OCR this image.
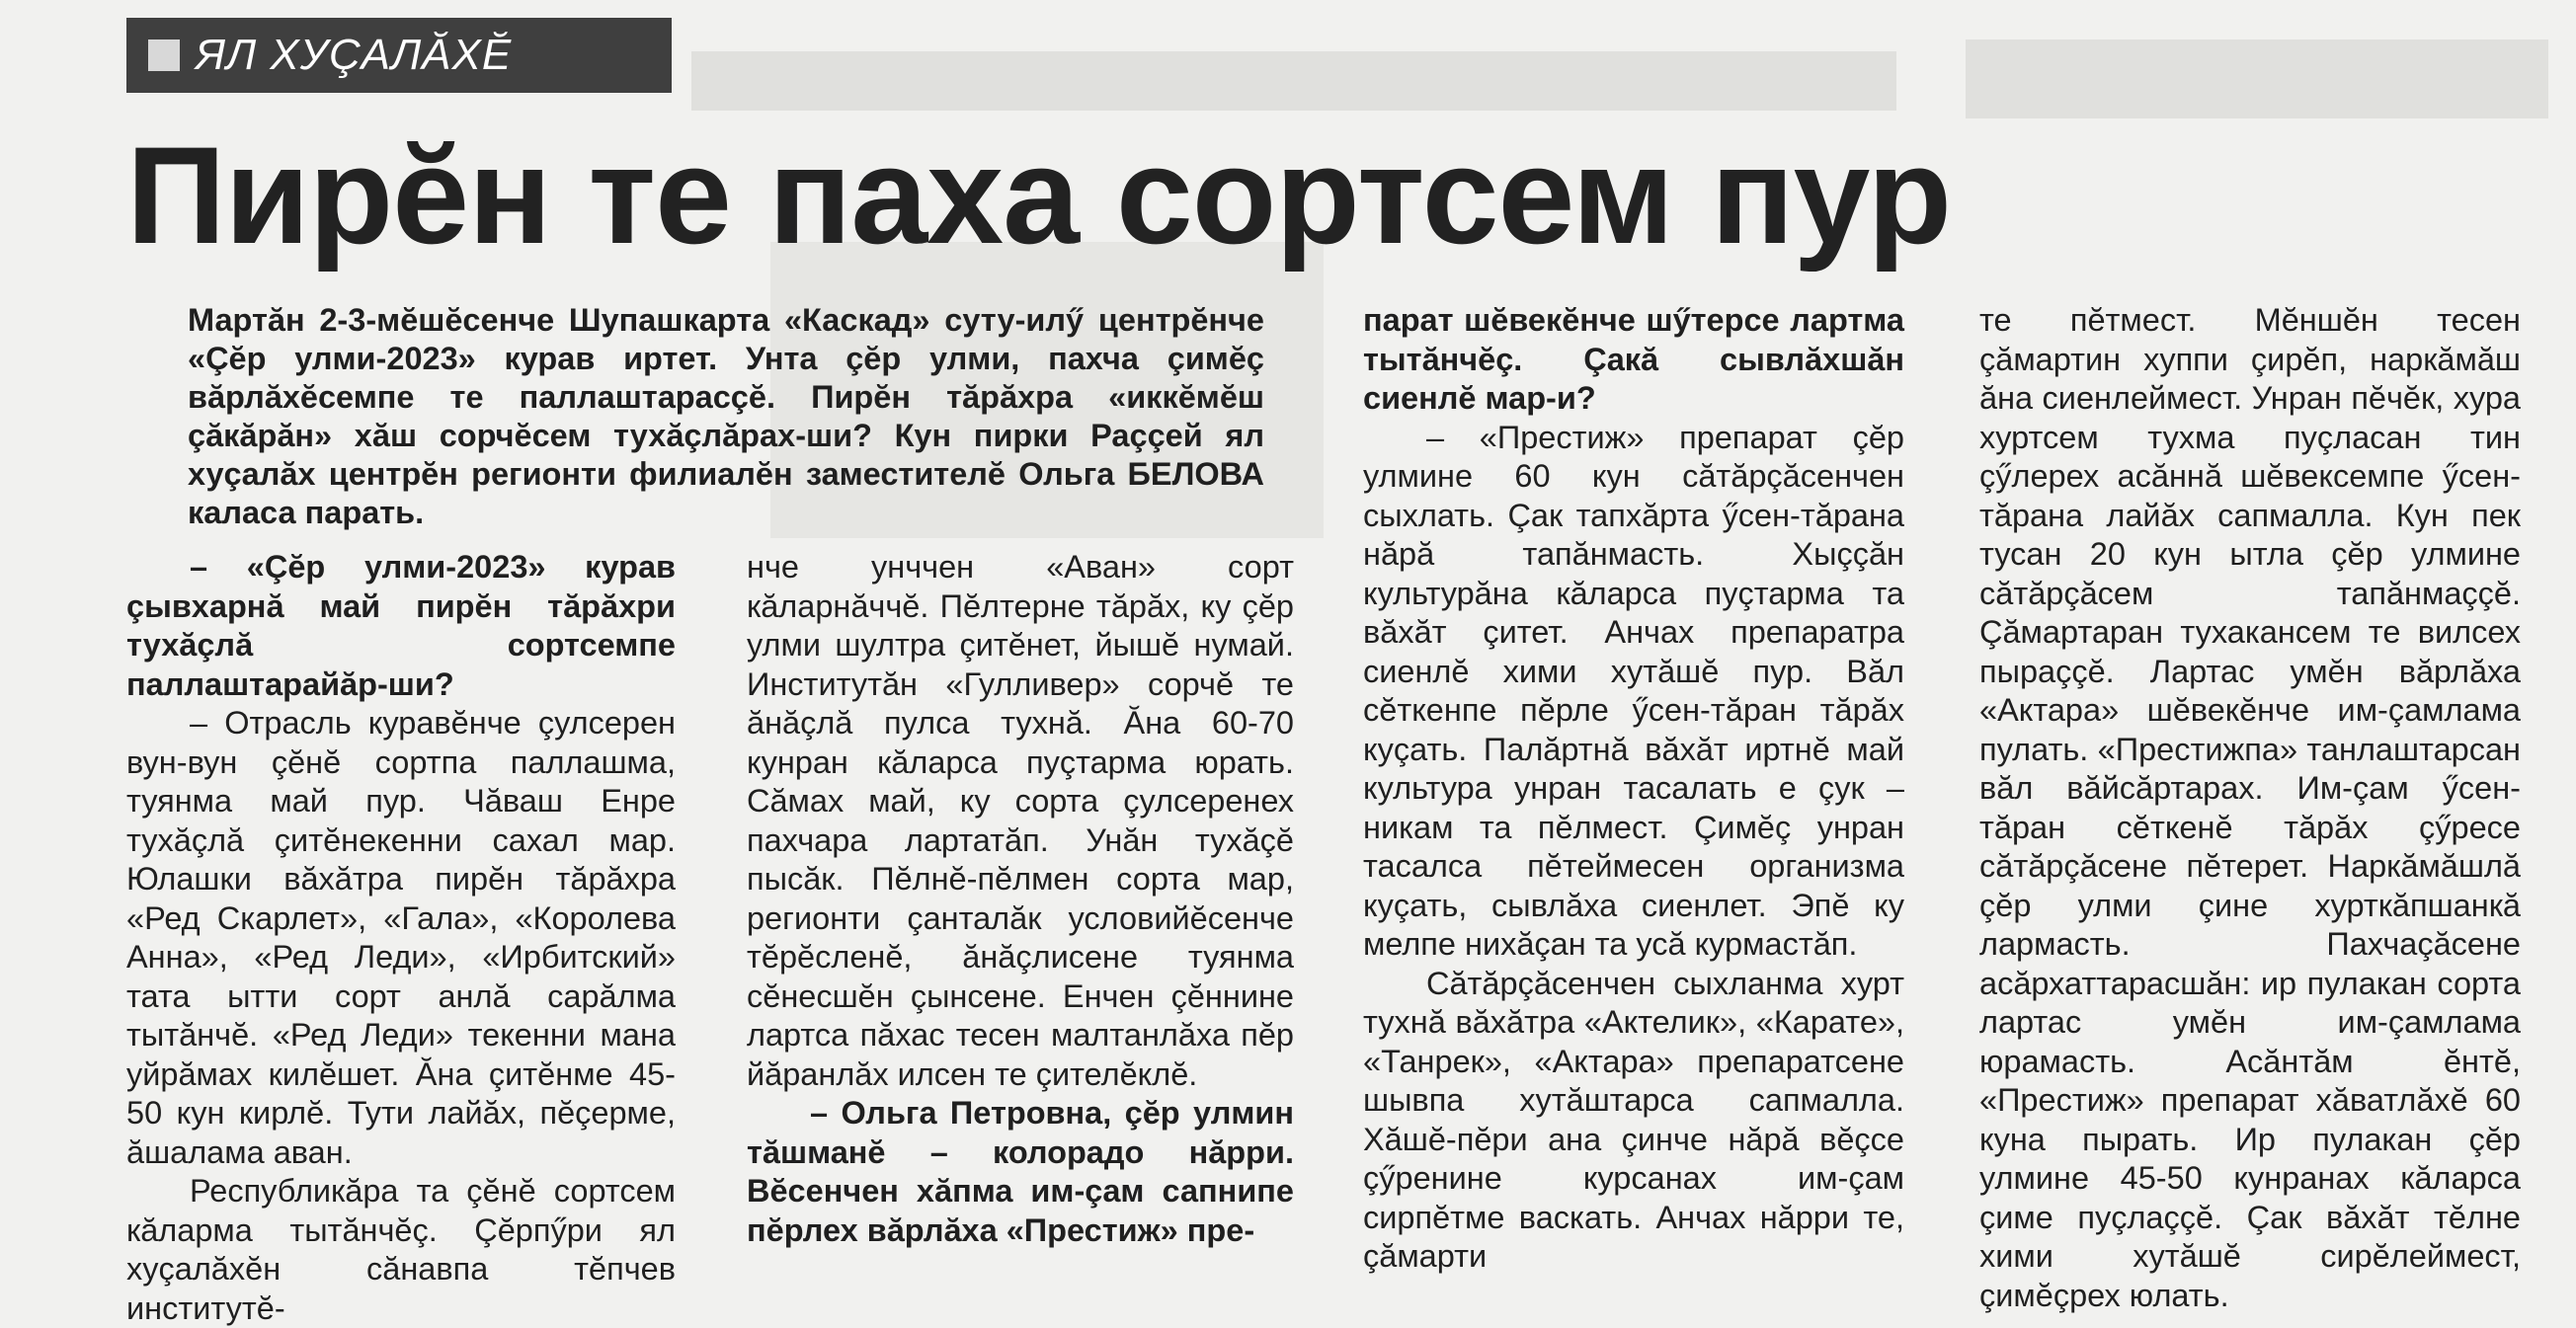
ЯЛ ХУÇАЛĂХĔ
Пирĕн те паха сортсем пур
Мартăн 2-3-мĕшĕсенче Шупашкарта «Каскад» суту-илӳ центрĕнче «Çĕр улми-2023» курав иртет. Унта çĕр улми, пахча çимĕç вăрлăхĕсемпе те паллаштарасçĕ. Пирĕн тăрăхра «иккĕмĕш çăкăрăн» хăш сорчĕсем тухăçлăрах-ши? Кун пирки Раççей ял хуçалăх центрĕн регионти филиалĕн заместителĕ Ольга БЕЛОВА каласа парать.

– «Çĕр улми-2023» курав çывхарнă май пирĕн тăрăхри тухăçлă сортсемпе паллаштарайăр-ши?

– Отрасль куравĕнче çулсерен вун-вун çĕнĕ сортпа паллашма, туянма май пур. Чăваш Енре тухăçлă çитĕнекенни сахал мар. Юлашки вăхăтра пирĕн тăрăхра «Ред Скарлет», «Гала», «Королева Анна», «Ред Леди», «Ирбитский» тата ытти сорт анлă сарăлма тытăнчĕ. «Ред Леди» текенни мана уйрăмах килĕшет. Ăна çитĕнме 45-50 кун кирлĕ. Тути лайăх, пĕçерме, ăшалама аван.

Республикăра та çĕнĕ сортсем кăларма тытăнчĕç. Çĕрпӳри ял хуçалăхĕн сăнавпа тĕпчев институтĕ-

нче унччен «Аван» сорт кăларнăччĕ. Пĕлтерне тăрăх, ку çĕр улми шултра çитĕнет, йышĕ нумай. Институтăн «Гулливер» сорчĕ те ăнăçлă пулса тухнă. Ăна 60-70 кунран кăларса пуçтарма юрать. Сăмах май, ку сорта çулсеренех пахчара лартатăп. Унăн тухăçĕ пысăк. Пĕлнĕ-пĕлмен сорта мар, регионти çанталăк условийĕсенче тĕрĕсленĕ, ăнăçлисене туянма сĕнесшĕн çынсене. Енчен çĕннине лартса пăхас тесен малтанлăха пĕр йăранлăх илсен те çителĕклĕ.

– Ольга Петровна, çĕр улмин тăшманĕ – колорадо нăрри. Вĕсенчен хăпма им-çам сапнипе пĕрлех вăрлăха «Престиж» пре-

парат шĕвекĕнче шӳтерсе лартма тытăнчĕç. Çакă сывлăхшăн сиенлĕ мар-и?

– «Престиж» препарат çĕр улмине 60 кун сăтăрçăсенчен сыхлать. Çак тапхăрта ӳсен-тăрана нăрă тапăнмасть. Хыççăн культурăна кăларса пуçтарма та вăхăт çитет. Анчах препаратра сиенлĕ хими хутăшĕ пур. Вăл сĕткенпе пĕрле ӳсен-тăран тăрăх куçать. Палăртнă вăхăт иртнĕ май культура унран тасалать е çук – никам та пĕлмест. Çимĕç унран тасалса пĕтеймесен организма куçать, сывлăха сиенлет. Эпĕ ку мелпе нихăçан та усă курмастăп.

Сăтăрçăсенчен сыхланма хурт тухнă вăхăтра «Актелик», «Карате», «Танрек», «Актара» препаратсене шывпа хутăштарса сапмалла. Хăшĕ-пĕри ана çинче нăрă вĕçсе çӳренине курсанах им-çам сирпĕтме васкать. Анчах нăрри те, çăмарти

те пĕтмест. Мĕншĕн тесен çăмартин хуппи çирĕп, наркăмăш ăна сиенлеймест. Унран пĕчĕк, хура хуртсем тухма пуçласан тин çӳлерех асăннă шĕвексемпе ӳсен-тăрана лайăх сапмалла. Кун пек тусан 20 кун ытла çĕр улмине сăтăрçăсем тапăнмаççĕ. Çăмартаран тухакансем те вилсех пыраççĕ. Лартас умĕн вăрлăха «Актара» шĕвекĕнче им-çамлама пулать. «Престижпа» танлаштарсан вăл вăйсăртарах. Им-çам ӳсен-тăран сĕткенĕ тăрăх çӳресе сăтăрçăсене пĕтерет. Наркăмăшлă çĕр улми çине хурткăпшанкă лармасть. Пахчаçăсене асăрхаттарасшăн: ир пулакан сорта лартас умĕн им-çамлама юрамасть. Асăнтăм ĕнтĕ, «Престиж» препарат хăватлăхĕ 60 куна пырать. Ир пулакан çĕр улмине 45-50 кунранах кăларса çиме пуçлаççĕ. Çак вăхăт тĕлне хими хутăшĕ сирĕлеймест, çимĕçрех юлать.
